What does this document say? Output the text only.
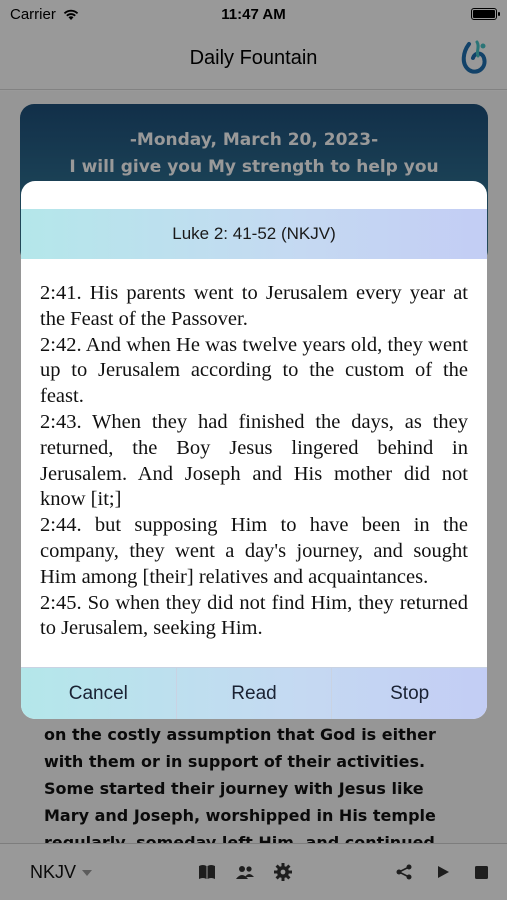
Carrier	11:47 AM
Daily Fountain
-Monday, March 20, 2023-
I will give you My strength to help you
on the costly assumption that God is either
with them or in support of their activities.
Some started their journey with Jesus like
Mary and Joseph, worshipped in His temple
NKJV
Luke 2: 41-52 (NKJV)
2:41. His parents went to Jerusalem every year at the Feast of the Passover.
2:42. And when He was twelve years old, they went up to Jerusalem according to the custom of the feast.
2:43. When they had finished the days, as they returned, the Boy Jesus lingered behind in Jerusalem. And Joseph and His mother did not know [it;]
2:44. but supposing Him to have been in the company, they went a day's journey, and sought Him among [their] relatives and acquaintances.
2:45. So when they did not find Him, they returned to Jerusalem, seeking Him.
Cancel	Read	Stop
